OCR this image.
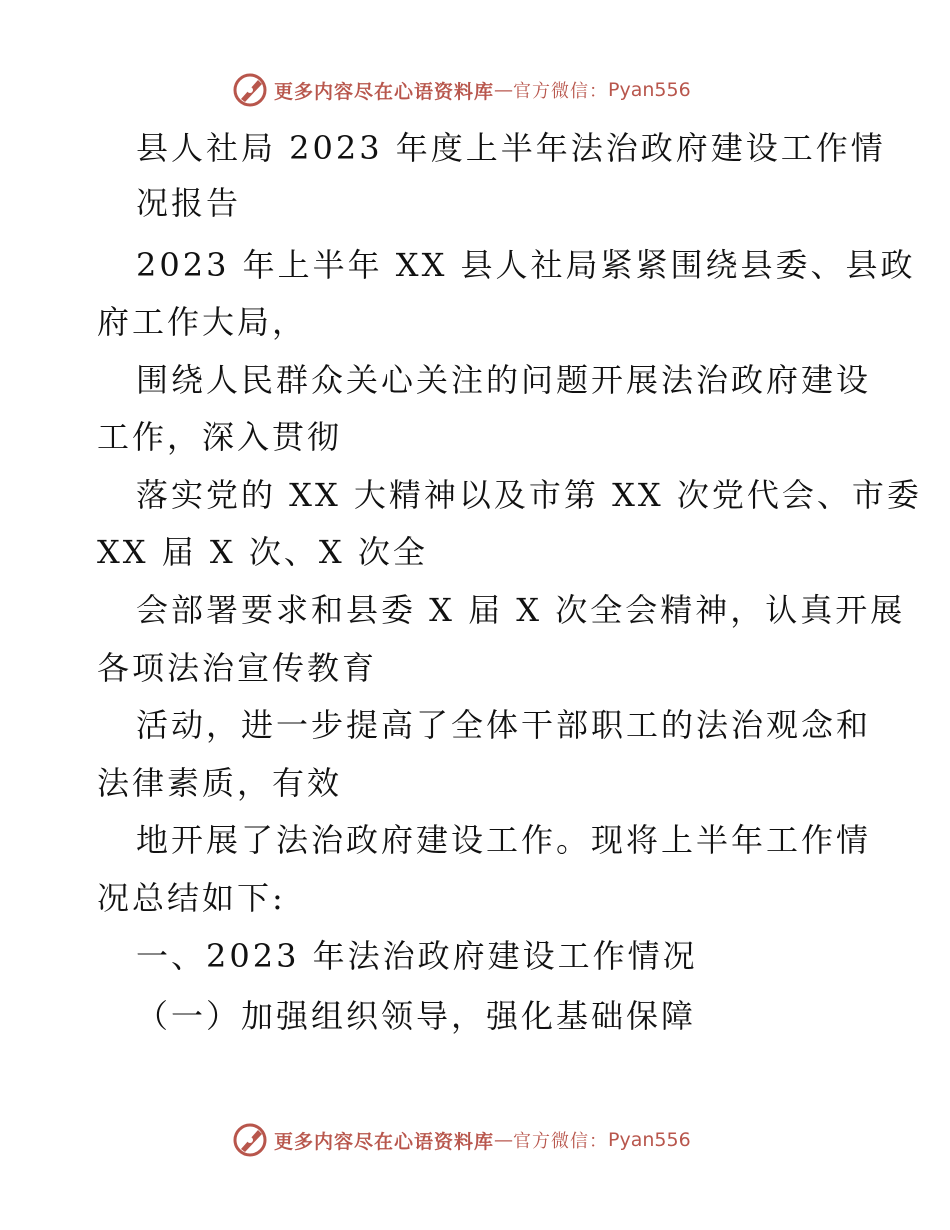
更多内容尽在心语资料库 — 官方微信： Pyan556
县人社局 2023 年度上半年法治政府建设工作情
况报告
2023 年上半年 XX 县人社局紧紧围绕县委、县政
府工作大局，
围绕人民群众关心关注的问题开展法治政府建设
工作，深入贯彻
落实党的 XX 大精神以及市第 XX 次党代会、市委
XX 届 X 次、X 次全
会部署要求和县委 X 届 X 次全会精神，认真开展
各项法治宣传教育
活动，进一步提高了全体干部职工的法治观念和
法律素质，有效
地开展了法治政府建设工作。现将上半年工作情
况总结如下:
一、2023 年法治政府建设工作情况
（一）加强组织领导，强化基础保障
更多内容尽在心语资料库 — 官方微信： Pyan556
